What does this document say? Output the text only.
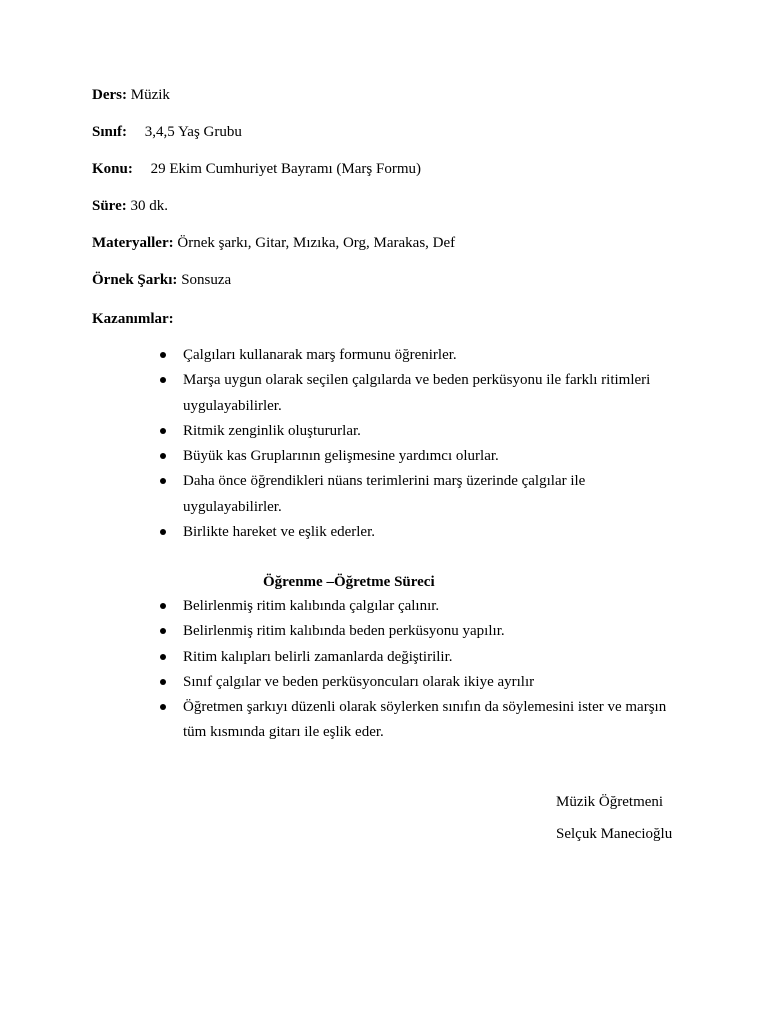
Ders: Müzik
Sınıf: 3,4,5 Yaş Grubu
Konu: 29 Ekim Cumhuriyet Bayramı (Marş Formu)
Süre: 30 dk.
Materyaller: Örnek şarkı, Gitar, Mızıka, Org, Marakas, Def
Örnek Şarkı: Sonsuza
Kazanımlar:
Çalgıları kullanarak marş formunu öğrenirler.
Marşa uygun olarak seçilen çalgılarda ve beden perküsyonu ile farklı ritimleri uygulayabilirler.
Ritmik zenginlik oluştururlar.
Büyük kas Gruplarının gelişmesine yardımcı olurlar.
Daha önce öğrendikleri nüans terimlerini marş üzerinde çalgılar ile uygulayabilirler.
Birlikte hareket ve eşlik ederler.
Öğrenme –Öğretme Süreci
Belirlenmiş ritim kalıbında çalgılar çalınır.
Belirlenmiş ritim kalıbında beden perküsyonu yapılır.
Ritim kalıpları belirli zamanlarda değiştirilir.
Sınıf çalgılar ve beden perküsyoncuları olarak ikiye ayrılır
Öğretmen şarkıyı düzenli olarak söylerken sınıfın da söylemesini ister ve marşın tüm kısmında gitarı ile eşlik eder.
Müzik Öğretmeni
Selçuk Manecioğlu
